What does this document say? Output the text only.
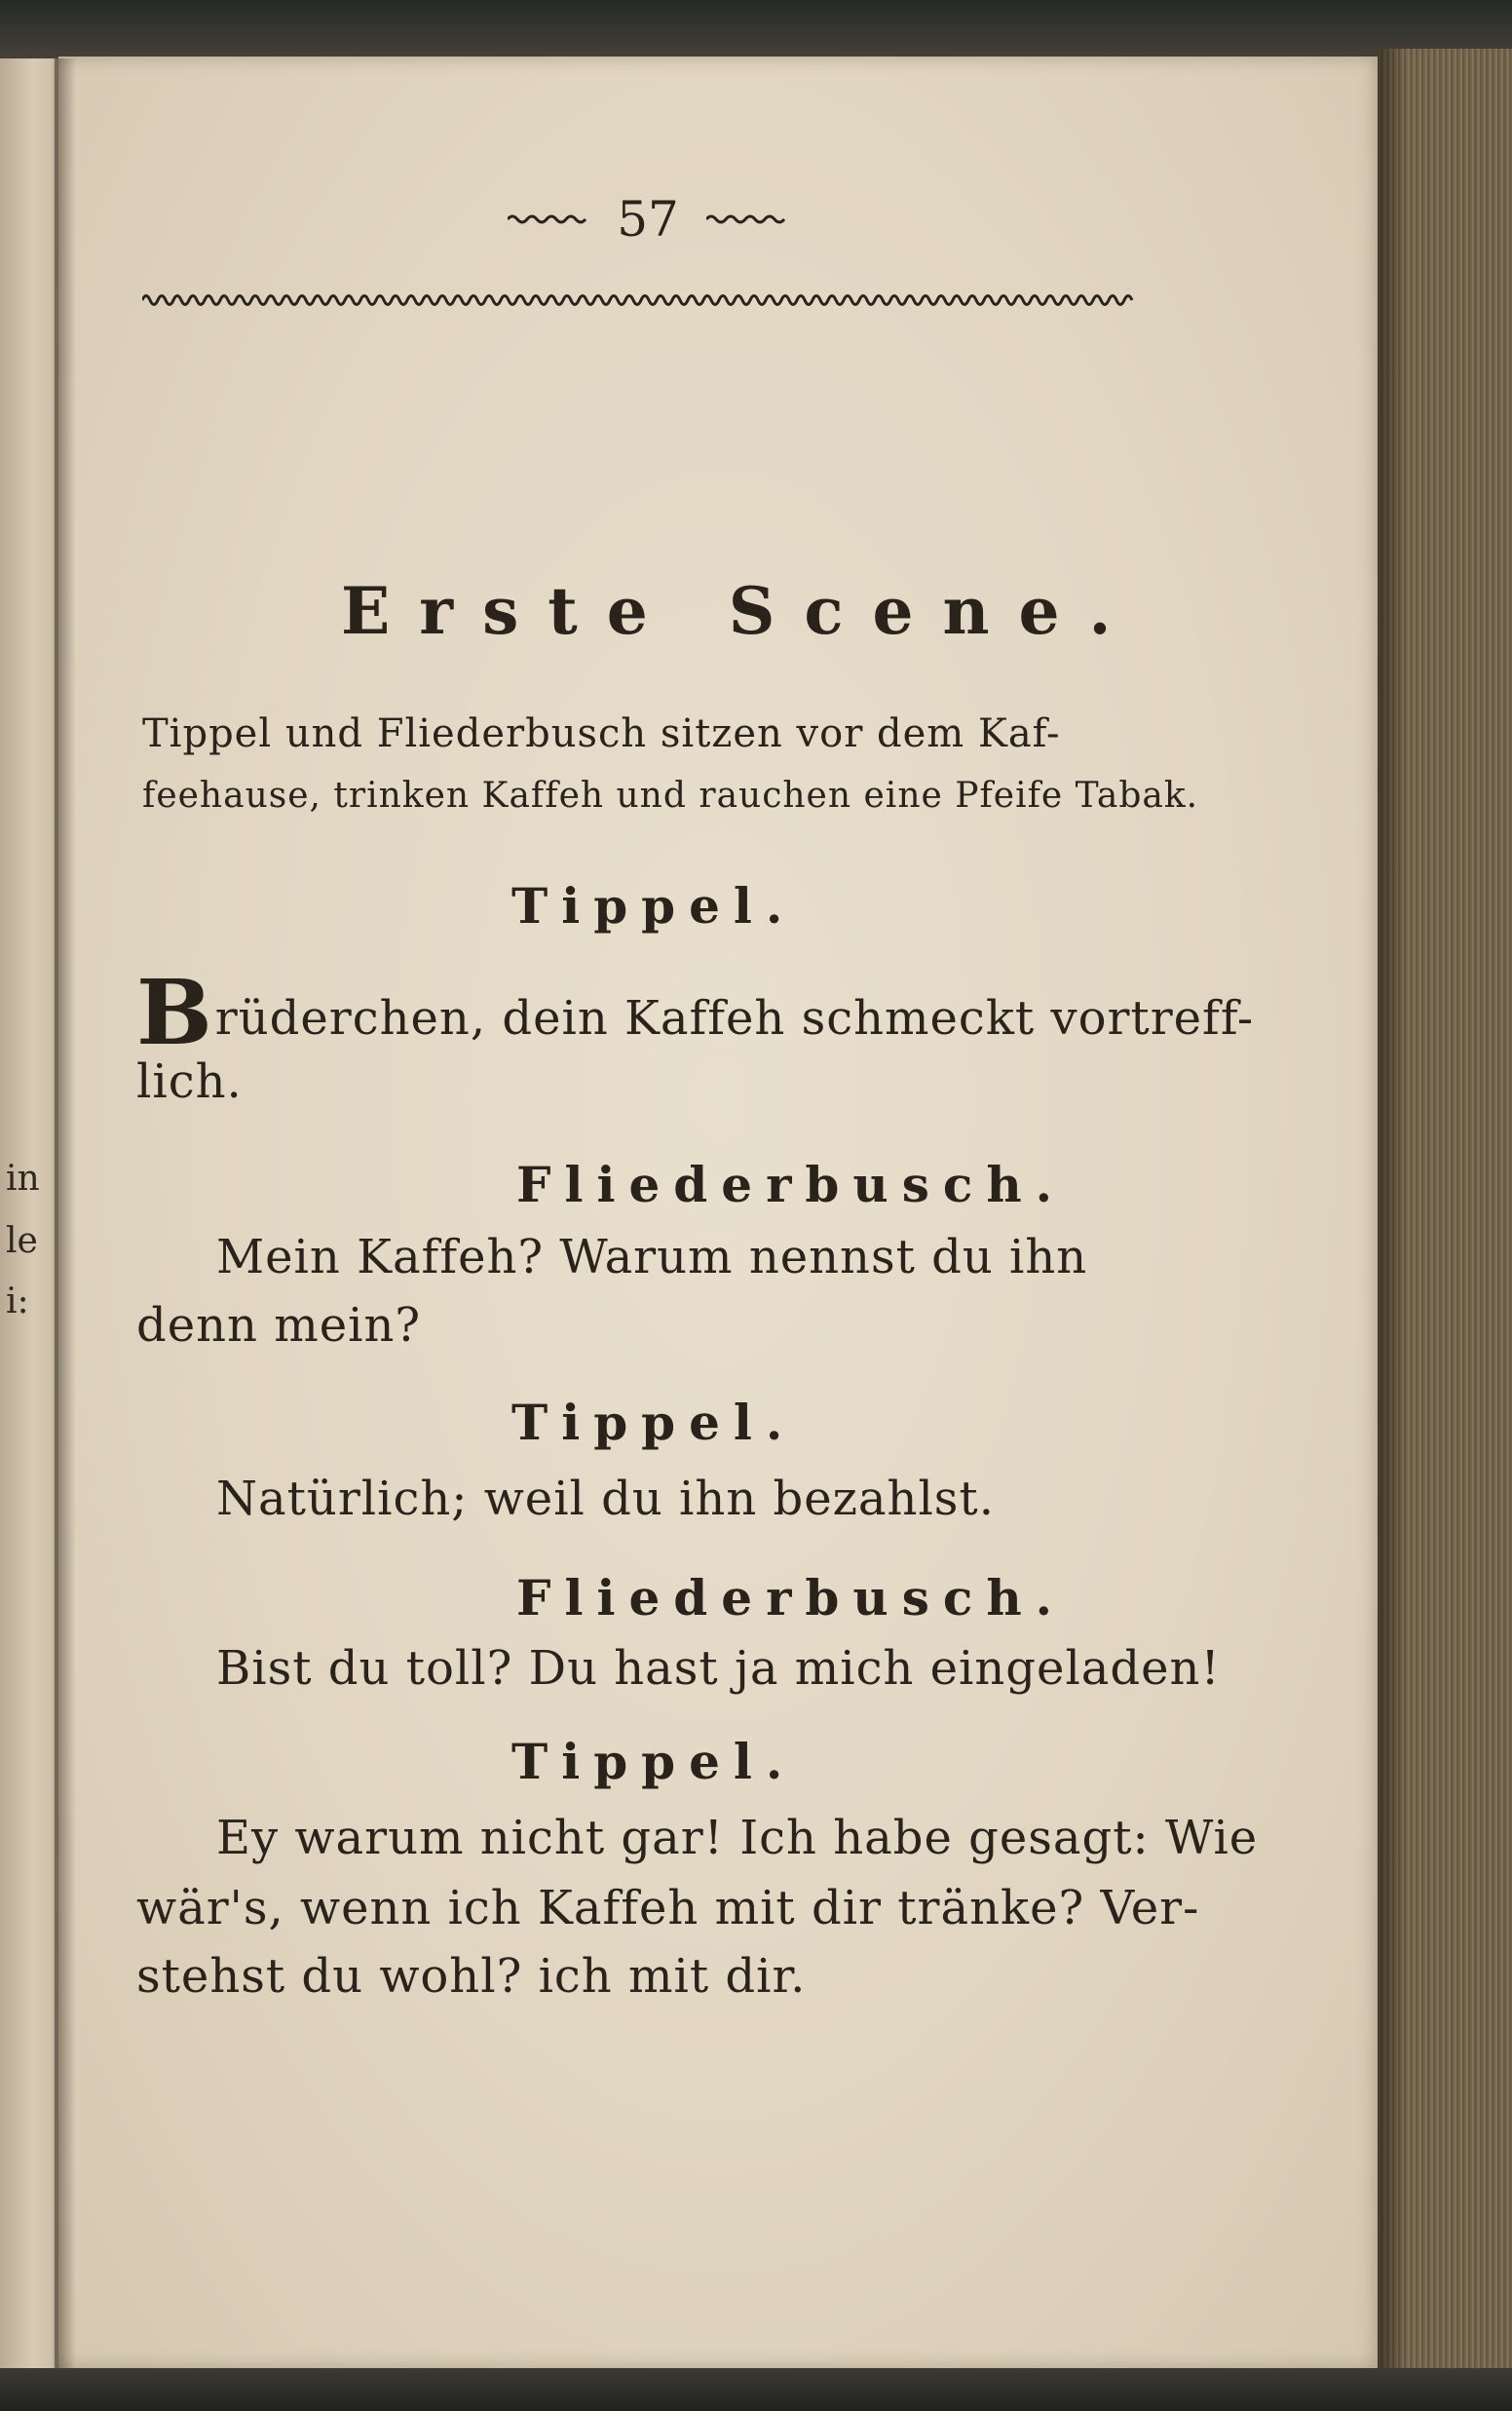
in
le
i:
57
Erste Scene.
Tippel und Fliederbusch sitzen vor dem Kaf-
feehause, trinken Kaffeh und rauchen eine Pfeife Tabak.
Tippel.
Brüderchen, dein Kaffeh schmeckt vortreff-
lich.
Fliederbusch.
Mein Kaffeh? Warum nennst du ihn
denn mein?
Tippel.
Natürlich; weil du ihn bezahlst.
Fliederbusch.
Bist du toll? Du hast ja mich eingeladen!
Tippel.
Ey warum nicht gar! Ich habe gesagt: Wie
wär's, wenn ich Kaffeh mit dir tränke? Ver-
stehst du wohl? ich mit dir.
